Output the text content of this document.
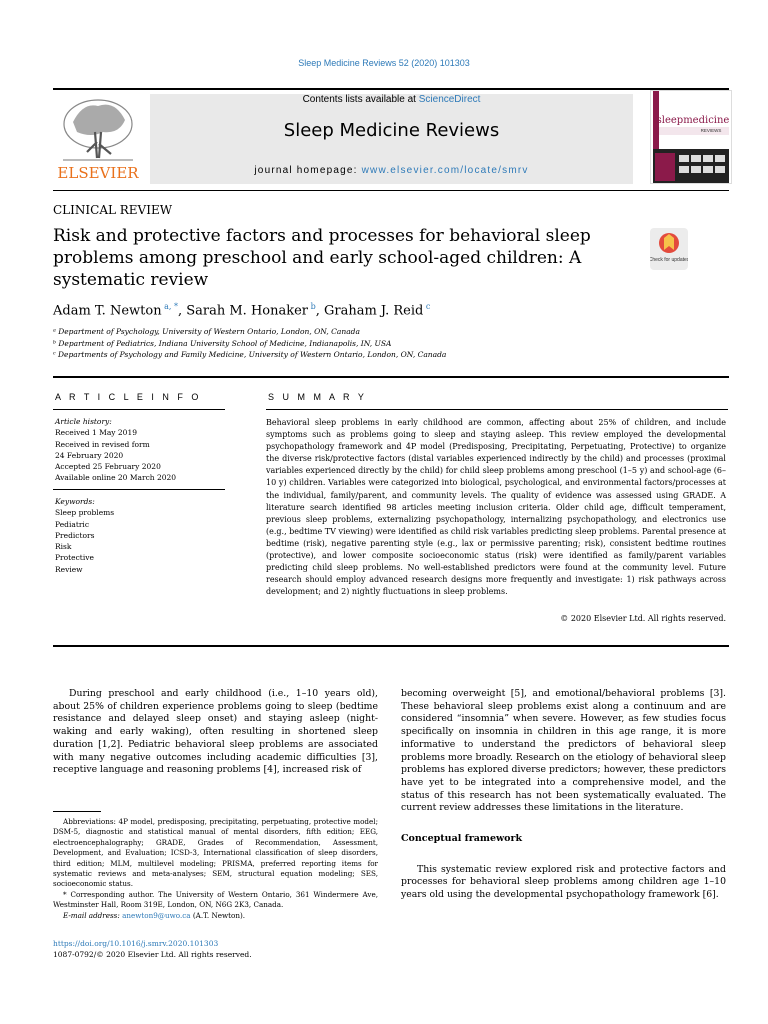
Sleep Medicine Reviews 52 (2020) 101303
ELSEVIER
Contents lists available at ScienceDirect
Sleep Medicine Reviews
journal homepage: www.elsevier.com/locate/smrv
sleepmedicine
REVIEWS
CLINICAL REVIEW
Risk and protective factors and processes for behavioral sleep problems among preschool and early school-aged children: A systematic review
Check for updates
Adam T. Newton $^{a, *}$, Sarah M. Honaker $^b$, Graham J. Reid $^c$
ᵃ Department of Psychology, University of Western Ontario, London, ON, Canada
ᵇ Department of Pediatrics, Indiana University School of Medicine, Indianapolis, IN, USA
ᶜ Departments of Psychology and Family Medicine, University of Western Ontario, London, ON, Canada
A R T I C L E I N F O	S U M M A R Y
Article history:
Received 1 May 2019
Received in revised form
24 February 2020
Accepted 25 February 2020
Available online 20 March 2020
Keywords:
Sleep problems
Pediatric
Predictors
Risk
Protective
Review
Behavioral sleep problems in early childhood are common, affecting about 25% of children, and include symptoms such as problems going to sleep and staying asleep. This review employed the developmental psychopathology framework and 4P model (Predisposing, Precipitating, Perpetuating, Protective) to organize the diverse risk/protective factors (distal variables experienced indirectly by the child) and processes (proximal variables experienced directly by the child) for child sleep problems among preschool (1–5 y) and school-age (6–10 y) children. Variables were categorized into biological, psychological, and environmental factors/processes at the individual, family/parent, and community levels. The quality of evidence was assessed using GRADE. A literature search identified 98 articles meeting inclusion criteria. Older child age, difficult temperament, previous sleep problems, externalizing psychopathology, internalizing psychopathology, and electronics use (e.g., bedtime TV viewing) were identified as child risk variables predicting sleep problems. Parental presence at bedtime (risk), negative parenting style (e.g., lax or permissive parenting; risk), consistent bedtime routines (protective), and lower composite socioeconomic status (risk) were identified as family/parent variables predicting child sleep problems. No well-established predictors were found at the community level. Future research should employ advanced research designs more frequently and investigate: 1) risk pathways across development; and 2) nightly fluctuations in sleep problems.
© 2020 Elsevier Ltd. All rights reserved.

During preschool and early childhood (i.e., 1–10 years old), about 25% of children experience problems going to sleep (bedtime resistance and delayed sleep onset) and staying asleep (night-waking and early waking), often resulting in shortened sleep duration [1,2]. Pediatric behavioral sleep problems are associated with many negative outcomes including academic difficulties [3], receptive language and reasoning problems [4], increased risk of

Abbreviations: 4P model, predisposing, precipitating, perpetuating, protective model; DSM-5, diagnostic and statistical manual of mental disorders, fifth edition; EEG, electroencephalography; GRADE, Grades of Recommendation, Assessment, Development, and Evaluation; ICSD-3, International classification of sleep disorders, third edition; MLM, multilevel modeling; PRISMA, preferred reporting items for systematic reviews and meta-analyses; SEM, structural equation modeling; SES, socioeconomic status.

* Corresponding author. The University of Western Ontario, 361 Windermere Ave, Westminster Hall, Room 319E, London, ON, N6G 2K3, Canada.

E-mail address: anewton9@uwo.ca (A.T. Newton).

https://doi.org/10.1016/j.smrv.2020.101303
1087-0792/© 2020 Elsevier Ltd. All rights reserved.

becoming overweight [5], and emotional/behavioral problems [3]. These behavioral sleep problems exist along a continuum and are considered “insomnia” when severe. However, as few studies focus specifically on insomnia in children in this age range, it is more informative to understand the predictors of behavioral sleep problems more broadly. Research on the etiology of behavioral sleep problems has explored diverse predictors; however, these predictors have yet to be integrated into a comprehensive model, and the status of this research has not been systematically evaluated. The current review addresses these limitations in the literature.

Conceptual framework

This systematic review explored risk and protective factors and processes for behavioral sleep problems among children age 1–10 years old using the developmental psychopathology framework [6].
